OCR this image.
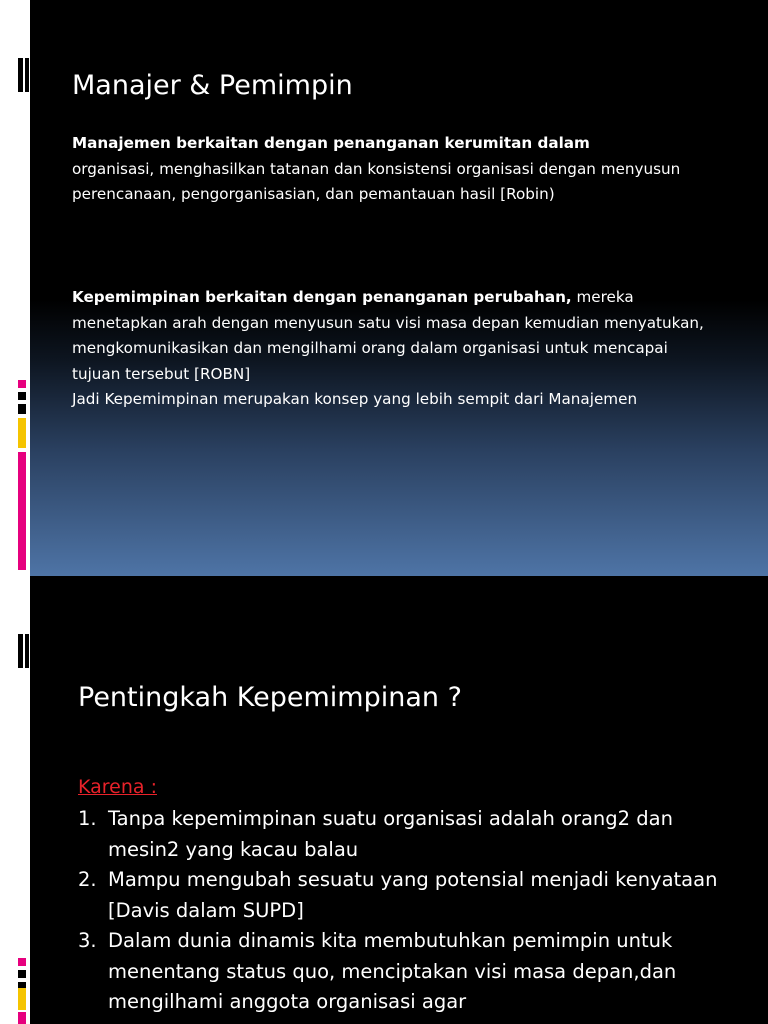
Manajer & Pemimpin
Manajemen berkaitan dengan penanganan kerumitan dalam
organisasi, menghasilkan tatanan dan konsistensi organisasi dengan menyusun perencanaan, pengorganisasian, dan pemantauan hasil [Robin)
Kepemimpinan berkaitan dengan penanganan perubahan, mereka menetapkan arah dengan menyusun satu visi masa depan kemudian menyatukan, mengkomunikasikan dan mengilhami orang dalam organisasi untuk mencapai tujuan tersebut [ROBN]
Jadi Kepemimpinan merupakan konsep yang lebih sempit dari Manajemen
Pentingkah Kepemimpinan ?
Karena :
1. Tanpa kepemimpinan suatu organisasi adalah orang2 dan mesin2 yang kacau balau
2. Mampu mengubah sesuatu yang potensial menjadi kenyataan [Davis dalam SUPD]
3. Dalam dunia dinamis kita membutuhkan pemimpin untuk menentang status quo, menciptakan visi masa depan,dan mengilhami anggota organisasi agar
